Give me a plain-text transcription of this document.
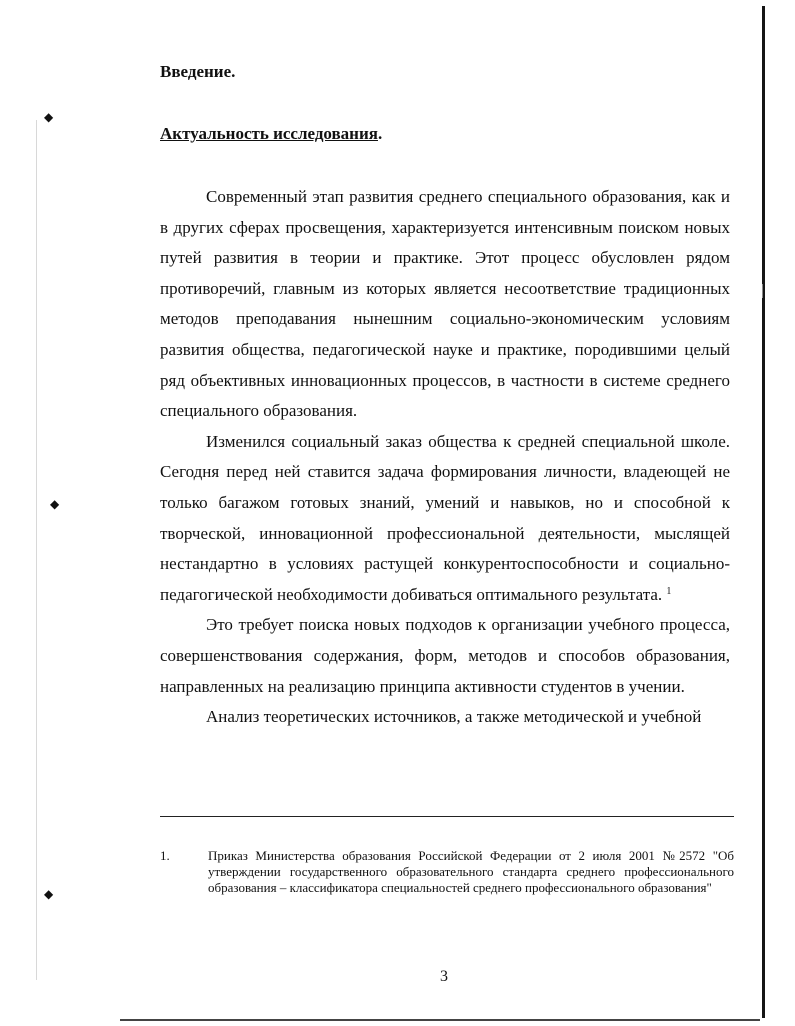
◆
◆
◆
Введение.
Актуальность исследования.

Современный этап развития среднего специального образования, как и в других сферах просвещения, характеризуется интенсивным поиском новых путей развития в теории и практике. Этот процесс обусловлен рядом противоречий, главным из которых является несоответствие традиционных методов преподавания нынешним социально-экономическим условиям развития общества, педагогической науке и практике, породившими целый ряд объективных инновационных процессов, в частности в системе среднего специального образования.

Изменился социальный заказ общества к средней специальной школе. Сегодня перед ней ставится задача формирования личности, владеющей не только багажом готовых знаний, умений и навыков, но и способной к творческой, инновационной профессиональной деятельности, мыслящей нестандартно в условиях растущей конкурентоспособности и социально-педагогической необходимости добиваться оптимального результата. $^1$

Это требует поиска новых подходов к организации учебного процесса, совершенствования содержания, форм, методов и способов образования, направленных на реализацию принципа активности студентов в учении.

Анализ теоретических источников, а также методической и учебной

1.	Приказ Министерства образования Российской Федерации от 2 июля 2001 №2572 "Об утверждении государственного образовательного стандарта среднего профессионального образования – классификатора специальностей среднего профессионального образования"
3
